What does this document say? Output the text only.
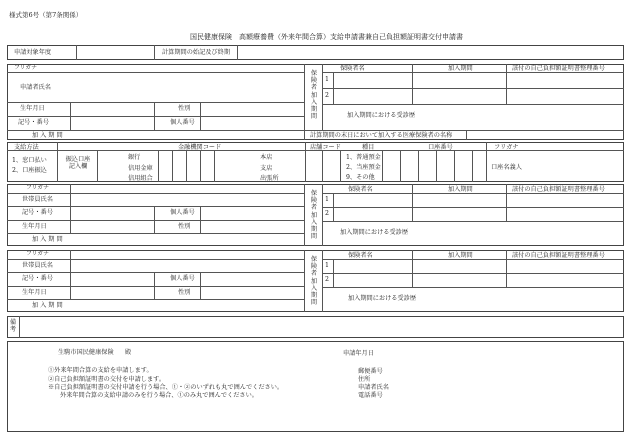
様式第6号（第7条関係）
国民健康保険　高額療養費（外来年間合算）支給申請書兼自己負担額証明書交付申請書
申請対象年度	計算期間の始記及び終期
フリガナ
申請者氏名
生年月日	性別
記号・番号	個人番号
加 入 期 間
保険者加入期間
保険者名	加入期間	該付の自己負担額証明書整理番号
1
2
加入期間における受診歴
計算期間の末日において加入する医療保険者の名称
支給方法
1、窓口払い
2、口座振込
振込口座記入欄
金融機関コード
銀行
信用金庫
信用組合
本店
支店
出張所
店舗コード	種目
1、普通預金
2、当座預金
9、その他
口座番号	フリガナ
口座名義人
フリガナ
世帯員氏名
記号・番号	個人番号
生年月日	性別
加 入 期 間
保険者加入期間
保険者名	加入期間	該付の自己負担額証明書整理番号
1
2
加入期間における受診歴
フリガナ
世帯員氏名
記号・番号	個人番号
生年月日	性別
加 入 期 間
保険者加入期間
保険者名	加入期間	該付の自己負担額証明書整理番号
1
2
加入期間における受診歴
備考
生駒市国民健康保険 殿	申請年月日
①外来年間合算の支給を申請します。
②自己負担額証明書の交付を申請します。
※自己負担額証明書の交付申請を行う場合、①・②のいずれも丸で囲んでください。
外来年間合算の支給申請のみを行う場合、①のみ丸で囲んでください。
郵便番号
住所
申請者氏名
電話番号
